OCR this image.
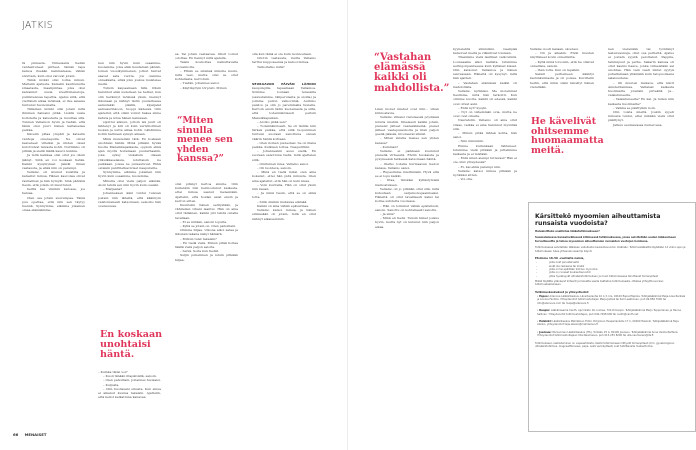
JATKIS

tä pinnasta. Viimeisenä tiedän vanhentuneet piirteet, tämän tapa katsoa itseään kammatessa, vähän sivuttain, kuin olisi varovat jotain.

Tämä mökki olisi lodna minun. Maitelin ajatusta. Katselin kauhtunutta sinaetasta, maalipintaa, joka olisi kalvannut uusia sivelttimenetoja, puiliistelevaa tapettia. Ajatus siitä, että viertäisin aikaa mökissä, ei itse asiassa tuntunut huonomalta.

Tällainen mökki olisi jotain mitä ihminen haluaisi pitää. Lisätä uusia koristeita ja kalusteita ja muuttaa sitä. Tunnen Vellamon hyvin ja tiedän, että tämä olisi juuri hänen kaltaisensa paikka.

Kävelin pihaa ympäri ja katselin vanhoja omenapuita. Ne olivat kasvaneet villeiksi ja niiden oksat kurottuivat taivasta kohti. Nurmikko oli pitkää ja siellä täällä kasvoi kukkia.

Ja mitä kaikkea olisi ollut jos olisin jäänyt. Siitä en voi koskaan tietää. Kaikki kysymykset jäävät ilman vastausta, ja ehkä niin on parempi.

Vellamo oli istunut kuistilla ja katsellut minua. Hänen kasvonsa olivat rauhalliset ja hän hymyili. Sinä päivänä tiesin, että jotain oli muuttunut.

helttä kai viinikin katossa, jos haluaa.

Olen osa jotain suurempaa. Tämä puu opettaa, että niin sen täytyy mennä. Synnymme, elämme jokainen omaa elämäämme.

nen niin hyvin kuin osaamme, kuolemme. Joka elää muutaman päivän, toinen vuosikymmenen, jotkut harvat saavat sata vuotta. Jos olemme onnekkaita, ehkä joku joskus muistelee meitä.

Tulisin kaipaamaan tätä. Olisin halunnut elää uudelleen ne hetket, kun olin herännyt mökissä yksin, mennyt ikkunaan ja nähnyt tädin puutarhassa aamutakki päällä, kipsijalat aamuaurinkoon, tuoppi kädessä. Olin ajatellut, että olisin voinut hakea sinne kahvia ja istua hänen kanssaan.

sijoittui alkuun, jolloin isä juuri oli lähtenyt ja äiti oli kuin verivihollinen luokan ja uutta aikaa kohti. Lähdimme kotiin harmaan syksyn aikaan.

Minä muistelisin tätä. En koskaan unohtaisi häntä. Minä pitäisin hyvää huolta Mansikkapaikasta, oppisin ehkä ajan myötä hoitamaan puutarhaakin, joka syksy viskelisin oikean ylikuikkaselaisia, istuttaisin ne paikkaan, joissa ne putsautuvat. Ehkä ostaisin panttiletkaviviset naapureille.

Synnymme, elämme jokainen niin hyvin kuin osaamme, kuolemme.

Minulla olisi vielä paljon elämää. Aioin tehdä sen niin hyvin kuin osaisin.

– Marjaana?

Johanneksen ääni tuntui tulevan jostain niin läheltä, että käännyin vaistomaisesti katsomaan, seisoiko hän ovensuussa.

En koskaan unohtaisi häntä.

– Kuinka tätisi voi?

– Kuoli tänään iltapäivällä, sanoin.

– Olen pahoillani, Johannes huokaisi.

– Kuljusta.

– Olin huolissani sinusta. Kun sinua ei alkanut kuulua takaisin. Ajattelin, että kellot kelkattuna kanavaa

sa. Tai jotain vastaavaa. Olisit voinut odottaa. En tiennyt mitä ajatella.

Taisin koukottaa nalkuttavalta avovaimolta.

– Ethän se sinänsä minulle kuulu, mitä teet, mutta olisi se ollut kohteliasta, kerrotuin.

– Tiedän, Johannes sanoi.

– Käyttäydyin törpösti. Minun

“Miten sinulla menee sen yhden kanssa?”

olisi pitänyt kertoa sinulle. Olin kuitenkin niin hermostunut kaikesta, ettei minua saanut menemään. Ajattelin, että hoidan asiat ensin ja kerron sitten.

Kuuntelin hänen selitystään, ja vähitellen vihani laantui. Hän oli aina ollut tällainen, kaikki piti tehdä omalla tavallaan.

– Ei se mitään, sanoin lopulta.

– Kyllä se jotain on. Olen pahoillani.

Olimme hiljaa. Ulkona alkoi sataa ja ikkunan takana näkyi hämärä.

– Milloin tulet takaisin?

– En tiedä vielä. Minun pitää hoitaa täällä vielä paljon asioita.

– Selvä. Soita kun tiedät.

Suljin puhelimen ja istuin pitkään hiljaa.

olla kun tämä ei ole kuin luonnostaan.

Odotin vastausta, mutta Vellamo tarttui kupposeensa ja katsoi minua.

Tarkoitatko mitä?

SEURAAVAN PÄIVÄN LÄHDIN kaupungille tapaamaan Vellamoa. Söimme lounaan terassilla (savustamme, täilperuneita ja sioilla) ja joimme pullon valkoviiniä. Aurinko paistoi, ja olin jo paremmalla tuulella. Kerroin ensin tädin kuolemasta ja siitä, että todennäköisesti perisin Mansikkapaikan.

– Aiotko pitää sen?

– Todennäköisesti. Se oli tädille niin tärkeä paikka, että siitä luopuminen tuntuisi suoraan sanottuna olevan väärin häntä kohtaan.

– Olen iloinen puolestasi. Se on ihana paikka. Kulkisen tottua. Naapuritkin.

– Johanneskin asuu siellä. En suoraan sanottuna tiedä, mitä ajattelen siitä.

– Omituinen mies, Vellamo sanoi.

– Oli luonteva, sanoin.

– Minä en tiedä miksi olen aina kokenut, ettei hän pidä minusta. Olen aina ajatellut, että hän on kuin kissa.

– Voin kuvitella. Hän on ollut yksin niin kauan.

– Ja minä tiesin, että se on ehkä totta.

– Siitä olisikin mukavaa elämää.

Kaikki on aina vähän epävarmaa.

Vellamo katsoi minua, ja hänen silmissään oli jotain, mitä en ollut nähnyt aikaisemmin.

66 MENAISET
“Vastahan elämässä kaikki oli mahdollista.”

Liian monet miehet ovat niin... vihan kiinnostavia.

Vellamo vilkaisi viereisessä pöydässä istuvia miehiä. Ilmeisesti kaikki jotain, pienelet jätteet vaatesäkkeinä, pienet jätteet vaatepussukoita ja liian paljon geeliä päässä, kroolaavat silmät.

– Miten sinulla menee sen yhden kanssa?

– Kumman?

Vellamo ei paikkaan kuulunut pienellä virheestä. Ehdin huokaista ja pysyneessä hetkessä katsomaan häntä.

– Oletko todella hurmaavan tiedon kanssa, Vellamo sanoi.

– Rupesimme miettimään. Hyvä että se ei lopu kaikki.

– Iltaa, tärskäsi kyllästymisiä mainostuksen.

Vellamo oli jo pitkään ollut sitä, mitä kutsutaan sarjamonogaamiseksi. Häneltä oli ollut tavallisesti kaksi tai kolme suhdetta vuodessa.

– Hän on toiminut vähän epäreilusti, sanoin. Sanottu on kohteliaasti sanottu.

– Ja sinä?

– Minä en tiedä. Tunsin hänet joskus hyvin, mutta nyt on kulunut niin paljon aikaa.

kyynelehtä silmistäni. Geelipää katsoivat meitä ja vilkuilivat toisiaan.

Tilasimme vielä lasilliset valkoviiniä. Lounasaika alkoi kallista. Istuimme auringonpaisteessa kuin kylläiset kissat. Olin katsonut Vellamoa ja hänen seurassaan. Häneltä oli kysynyt, mitä hän ajatteli.

– Vastahan elämässä kaikki oli mahdollista.

Vellamo nyökkäsi. Me molemmat tiesimme, mitä hän tarkoitti. Kun olimme nuoria, kaikki oli edessä, kaikki ovet olivat auki.

– Entä nyt? kysyin.

– Nyt on vähemmän ovia, mutta ne ovet ovat oikeita.

Naurahdin. Vellamo oli aina ollut viisas, vaikka ei aina halunnut myöntää sitä.

– Minun pitää lähteä kohta, hän sanoi.

– Niin minunkin.

Emme kuitenkaan lähteneet. Istuimme vielä pitkään ja juttelimme kaikesta ja ei mistään.

– Entä sinun aiempi tuttavasi? Hän ei ole ollut yhteydessä?

– Ei, kai ehkä parempi niin.

Vellamo katsoi minua pitkään ja nyökkäsi sitten.

– Voi olla.

Vellamo nosti lasiaan, skoolasi.

– Oli ja aikakin. Elvät muuten näyttäneet kovin onnellisilta.

– Kyllä minä toivoisin, että he olisivat onnellisia, sanoin.

– Ihan totta. Kun on lapsikin.

Sakari perheineen kääntyi kadunkulmasta ja oli poissa. Kuvittelin heitin, että minä olisin kävellyt hänen vierellään.

He kävelivät ohitsemme huomaamatta meitä.

nen vierenään tai työntänyt lastenvaunuja, ollut osa perhettä. Ajatus ei jostain syystä pelottanut. Pappila, tammipuut ja perhe. Sakarin kanssa oli ollut kaunis haave, jonka viimeistään sai unohtaa. Hän vain vaati minut syytyä puhaltamaan yllämään kuin talopuolisena salaisuutena.

– Oli muuten mukava, että kävit Amsterdamissa. Valtaisat kaikesta huolimatta jotenkin pirteältä ja... valaistuneelta.

– Valaistuneelta? En kai. Ja miten niin kaikesta huolimatta?

– Vaikka se päättyikin noin.

Olin toista mieltä. Joskin syyeti minusta tuntui, ettei mikään vielä ollut päättynyt.

Jatkuu seuraavassa numerossa.

Kärsittekö myoomien aiheuttamista runsaista vuodoista?
Haluaisitteko osallistua lääketutkimukseen?
Suomalaisessa kansainvälisessä kliinisessä tutkimuksessa, jossa selvitetään uuden lääkeaineen turvallisuutta ja tehoa myoomien aiheuttamien runsaiden vuotojen hoidossa.
Tutkimuksessa selvitetään lääkkeen vaikutusta kuukautisvuodon määrään. Tutkimuslääkettä käytetään 12 viikon ajan ja tutkimukseen tulee yhteensä useampi käynti.
Etsimme 18–50 -vuotiaita naisia,
– joilla ovat perusterveitä
– eivät ole raskaana tai imetä
– joilla on tai epäillään kohdun myoomia
– joilla on runsaat kuukautisvuodot
– jotka hyväksyvät ultraäänitutkimuksen ja muut tutkimuksessa tarvittavat toimenpiteet
Mikäli täytätte ylläolevat kriteerit ja haluatte saada lisätietoa tutkimuksesta, ottakaa yhteyttä suoraan tutkimuskeskukseen.
Tutkimuskeskukset ja yhteystiedot:
• Espoo: Adenova Lääkärikeskus, Länsituulentie 10 A 3. krs, 02100 Espoo/Tapiola. Tutkijalääkärinä Maija-Liisa Rantala ja Annina Fantola. Yhteydenotot tutkimushoitajan Marja Jämsä tai Sari Laakkonen, puh 09-856 7000 tai info@adenova.com tai maija@adenova.fi
• Kuopio: Lääkäriasema Canth, Ajurinkatu 16, IvoCee, 70110 Kuopio. Tutkijalääkärinä Marjo Tuppurainen ja Hanna Sallinen. Yhteydenotot tutkimushoitajan, puh 040-7498 609 tai canth@canth.net
• Helsinki: Lääkärikeskus Mehiläinen Töölö, Pohjoinen Hesperiankatu 17 C, 00260 Helsinki. Tutkijalääkärinä Teija Alanko, yhteydenotot teija.alanko@mehilainen.fi
• Joensuu: Itä-Suomen Lääkärikeskus (ITS), Torikatu 25 A, 80100 Joensuu. Tutkijalääkärinä Anne Vanha-Perttula. Yhteydenotot tutkimushoitajaan Ulla Naumanen, puh 013-253 8200 tai ulla.naumanen@its.fi
Tutkimukseen osallistuminen on vapaaehtoista. Kaikki tutkimukseen liittyvät toimenpiteet (mm. gynekologinen ultraäänitutkimus, magneettikuvaus, papa- sekä verinäytteet) ovat tutkittavalle maksuttomia.
